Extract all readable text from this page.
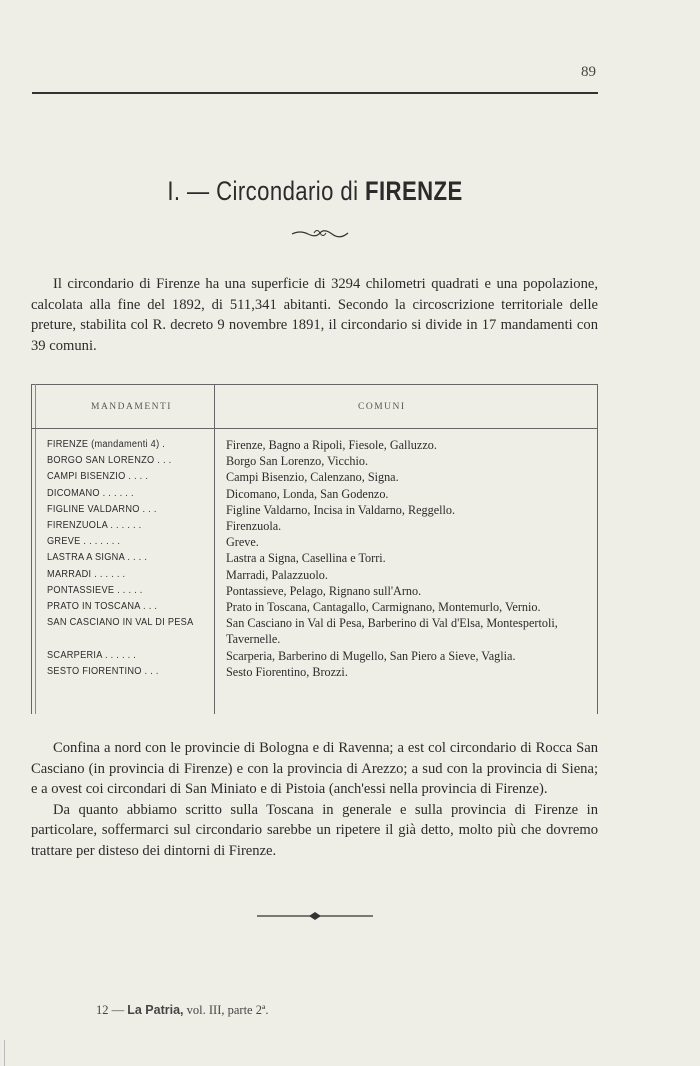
89
I. — Circondario di FIRENZE

Il circondario di Firenze ha una superficie di 3294 chilometri quadrati e una popolazione, calcolata alla fine del 1892, di 511,341 abitanti. Secondo la circoscrizione territoriale delle preture, stabilita col R. decreto 9 novembre 1891, il circondario si divide in 17 mandamenti con 39 comuni.

MANDAMENTI	COMUNI
FIRENZE (mandamenti 4) .	Firenze, Bagno a Ripoli, Fiesole, Galluzzo.
BORGO SAN LORENZO . . .	Borgo San Lorenzo, Vicchio.
CAMPI BISENZIO . . . .	Campi Bisenzio, Calenzano, Signa.
DICOMANO . . . . . .	Dicomano, Londa, San Godenzo.
FIGLINE VALDARNO . . .	Figline Valdarno, Incisa in Valdarno, Reggello.
FIRENZUOLA . . . . . .	Firenzuola.
GREVE . . . . . . .	Greve.
LASTRA A SIGNA . . . .	Lastra a Signa, Casellina e Torri.
MARRADI . . . . . .	Marradi, Palazzuolo.
PONTASSIEVE . . . . .	Pontassieve, Pelago, Rignano sull'Arno.
PRATO IN TOSCANA . . .	Prato in Toscana, Cantagallo, Carmignano, Montemurlo, Vernio.
SAN CASCIANO IN VAL DI PESA	San Casciano in Val di Pesa, Barberino di Val d'Elsa, Montespertoli, Tavernelle.
SCARPERIA . . . . . .	Scarperia, Barberino di Mugello, San Piero a Sieve, Vaglia.
SESTO FIORENTINO . . .	Sesto Fiorentino, Brozzi.

Confina a nord con le provincie di Bologna e di Ravenna; a est col circondario di Rocca San Casciano (in provincia di Firenze) e con la provincia di Arezzo; a sud con la provincia di Siena; e a ovest coi circondari di San Miniato e di Pistoia (anch'essi nella provincia di Firenze).

Da quanto abbiamo scritto sulla Toscana in generale e sulla provincia di Firenze in particolare, soffermarci sul circondario sarebbe un ripetere il già detto, molto più che dovremo trattare per disteso dei dintorni di Firenze.

12 — La Patria, vol. III, parte 2ª.
